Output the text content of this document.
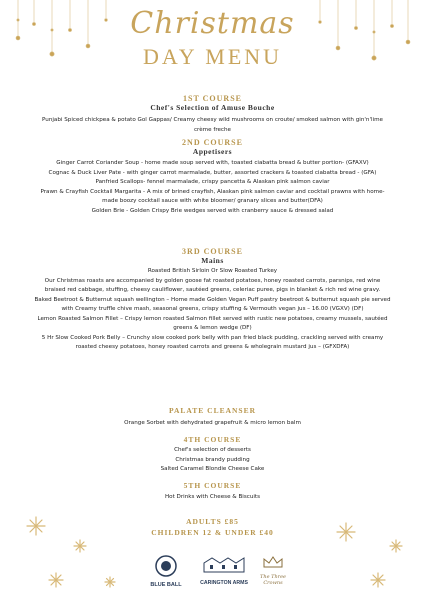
Christmas
DAY MENU
1ST COURSE
Chef's Selection of Amuse Bouche
Punjabi Spiced chickpea & potato Gol Gappas/ Creamy cheesy wild mushrooms on croute/ smoked salmon with gin'n'lime crème freche
2ND COURSE
Appetisers
Ginger Carrot Coriander Soup - home made soup served with, toasted ciabatta bread & butter portion- (GFAXV)
Cognac & Duck Liver Pate - with ginger carrot marmalade, butter, assorted crackers & toasted ciabatta bread - (GFA)
Panfried Scallops- fennel marmalade, crispy pancetta & Alaskan pink salmon caviar
Prawn & Crayfish Cocktail Margarita - A mix of brined crayfish, Alaskan pink salmon caviar and cocktail prawns with home-made boozy cocktail sauce with white bloomer/ granary slices and butter(DFA)
Golden Brie - Golden Crispy Brie wedges served with cranberry sauce & dressed salad
3RD COURSE
Mains
Roasted British Sirloin Or Slow Roasted Turkey
Our Christmas roasts are accompanied by golden goose fat roasted potatoes, honey roasted carrots, parsnips, red wine braised red cabbage, stuffing, cheesy cauliflower, sautéed greens, celeriac puree, pigs in blanket & rich red wine gravy.
Baked Beetroot & Butternut squash wellington – Home made Golden Vegan Puff pastry beetroot & butternut squash pie served with Creamy truffle chive mash, seasonal greens, crispy stuffing & Vermouth vegan jus – 16.00 (VGXV) (DF)
Lemon Roasted Salmon Fillet – Crispy lemon roasted Salmon fillet served with rustic new potatoes, creamy mussels, sautéed greens & lemon wedge (DF)
5 Hr Slow Cooked Pork Belly – Crunchy slow cooked pork belly with pan fried black pudding, crackling served with creamy roasted cheesy potatoes, honey roasted carrots and greens & wholegrain mustard jus – (GFXDFA)
PALATE CLEANSER
Orange Sorbet with dehydrated grapefruit & micro lemon balm
4TH COURSE
Chef's selection of desserts
Christmas brandy pudding
Salted Caramel Blondie Cheese Cake
5TH COURSE
Hot Drinks with Cheese & Biscuits
ADULTS £85
CHILDREN 12 & UNDER £40
BLUE BALL	CARINGTON ARMS
The Three Crowns
